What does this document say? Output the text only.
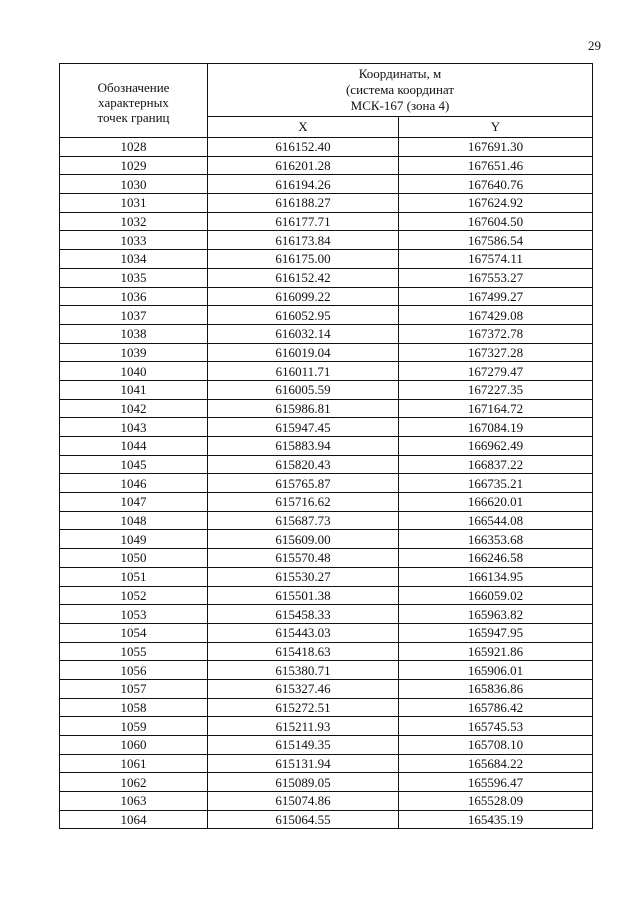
29
Обозначение
характерных
точек границ	Координаты, м
(система координат
МСК-167 (зона 4)	

	X	Y
1028	616152.40	167691.30
1029	616201.28	167651.46
1030	616194.26	167640.76
1031	616188.27	167624.92
1032	616177.71	167604.50
1033	616173.84	167586.54
1034	616175.00	167574.11
1035	616152.42	167553.27
1036	616099.22	167499.27
1037	616052.95	167429.08
1038	616032.14	167372.78
1039	616019.04	167327.28
1040	616011.71	167279.47
1041	616005.59	167227.35
1042	615986.81	167164.72
1043	615947.45	167084.19
1044	615883.94	166962.49
1045	615820.43	166837.22
1046	615765.87	166735.21
1047	615716.62	166620.01
1048	615687.73	166544.08
1049	615609.00	166353.68
1050	615570.48	166246.58
1051	615530.27	166134.95
1052	615501.38	166059.02
1053	615458.33	165963.82
1054	615443.03	165947.95
1055	615418.63	165921.86
1056	615380.71	165906.01
1057	615327.46	165836.86
1058	615272.51	165786.42
1059	615211.93	165745.53
1060	615149.35	165708.10
1061	615131.94	165684.22
1062	615089.05	165596.47
1063	615074.86	165528.09
1064	615064.55	165435.19
